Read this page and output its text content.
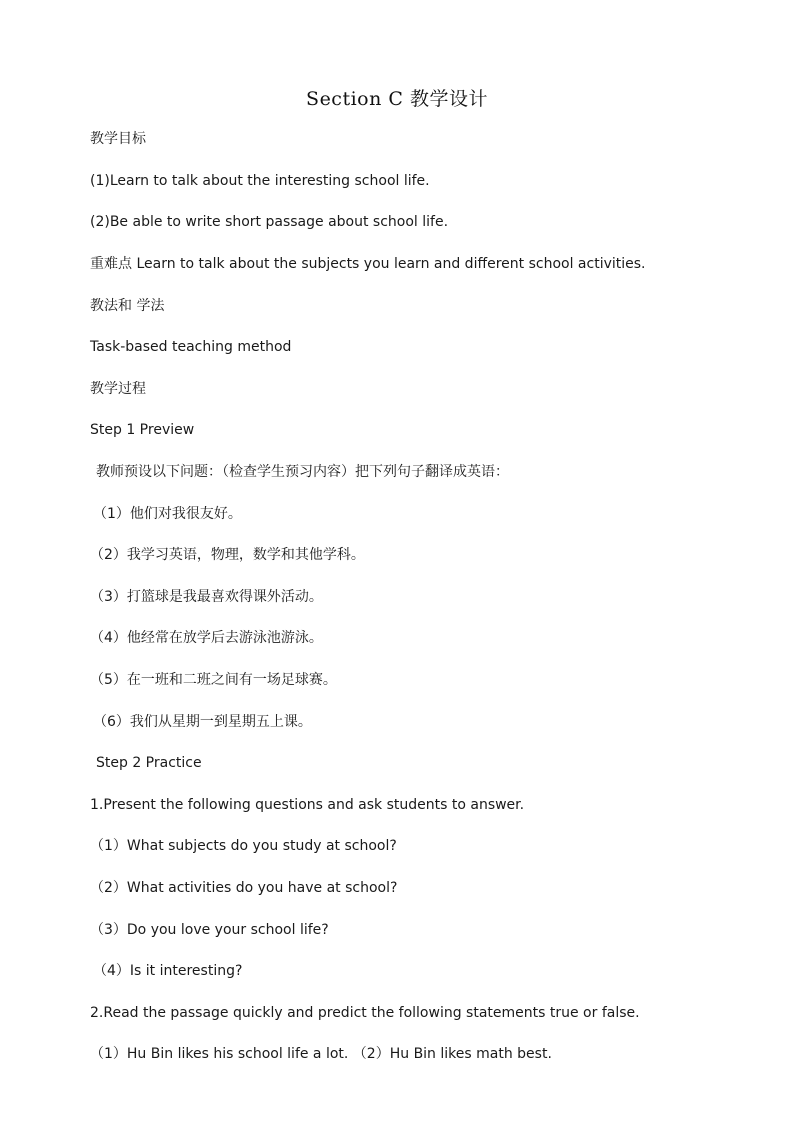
Section C 教学设计
教学目标
(1)Learn to talk about the interesting school life.
(2)Be able to write short passage about school life.
重难点 Learn to talk about the subjects you learn and different school activities.
教法和 学法
Task-based teaching method
教学过程
Step 1 Preview
教师预设以下问题：（检查学生预习内容）把下列句子翻译成英语：
（1）他们对我很友好。
（2）我学习英语，物理，数学和其他学科。
（3）打篮球是我最喜欢得课外活动。
（4）他经常在放学后去游泳池游泳。
（5）在一班和二班之间有一场足球赛。
（6）我们从星期一到星期五上课。
Step 2 Practice
1.Present the following questions and ask students to answer.
（1）What subjects do you study at school?
（2）What activities do you have at school?
（3）Do you love your school life?
（4）Is it interesting?
2.Read the passage quickly and predict the following statements true or false.
（1）Hu Bin likes his school life a lot. （2）Hu Bin likes math best.
